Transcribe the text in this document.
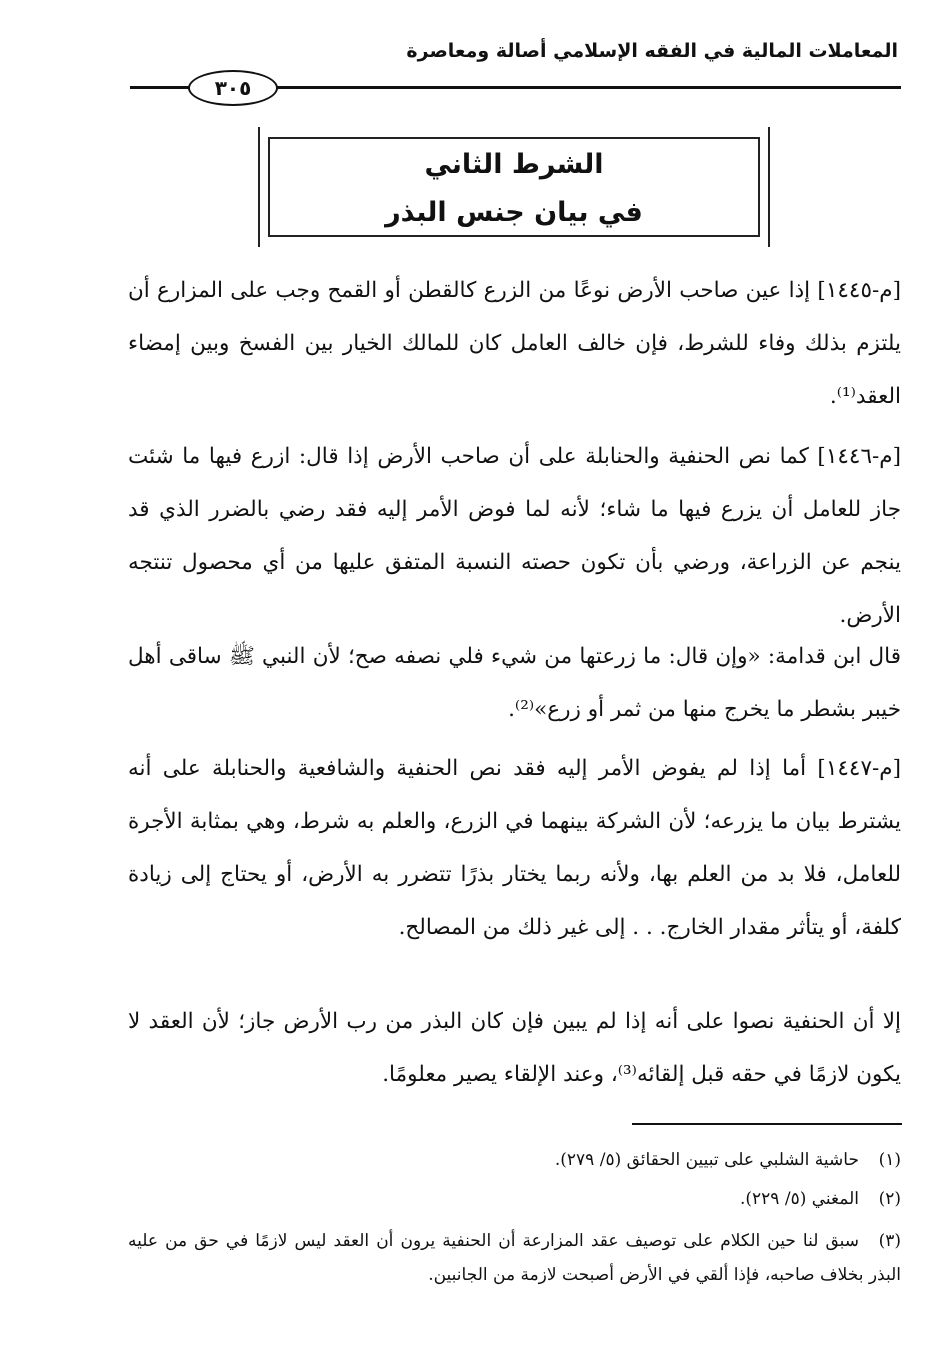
المعاملات المالية في الفقه الإسلامي أصالة ومعاصرة
٣٠٥
الشرط الثاني
في بيان جنس البذر
[م-١٤٤٥] إذا عين صاحب الأرض نوعًا من الزرع كالقطن أو القمح وجب على المزارع أن يلتزم بذلك وفاء للشرط، فإن خالف العامل كان للمالك الخيار بين الفسخ وبين إمضاء العقد⁽¹⁾.
[م-١٤٤٦] كما نص الحنفية والحنابلة على أن صاحب الأرض إذا قال: ازرع فيها ما شئت جاز للعامل أن يزرع فيها ما شاء؛ لأنه لما فوض الأمر إليه فقد رضي بالضرر الذي قد ينجم عن الزراعة، ورضي بأن تكون حصته النسبة المتفق عليها من أي محصول تنتجه الأرض.
قال ابن قدامة: «وإن قال: ما زرعتها من شيء فلي نصفه صح؛ لأن النبي ﷺ ساقى أهل خيبر بشطر ما يخرج منها من ثمر أو زرع»⁽²⁾.
[م-١٤٤٧] أما إذا لم يفوض الأمر إليه فقد نص الحنفية والشافعية والحنابلة على أنه يشترط بيان ما يزرعه؛ لأن الشركة بينهما في الزرع، والعلم به شرط، وهي بمثابة الأجرة للعامل، فلا بد من العلم بها، ولأنه ربما يختار بذرًا تتضرر به الأرض، أو يحتاج إلى زيادة كلفة، أو يتأثر مقدار الخارج. . . إلى غير ذلك من المصالح.
إلا أن الحنفية نصوا على أنه إذا لم يبين فإن كان البذر من رب الأرض جاز؛ لأن العقد لا يكون لازمًا في حقه قبل إلقائه⁽³⁾، وعند الإلقاء يصير معلومًا.
(١)حاشية الشلبي على تبيين الحقائق (٥/ ٢٧٩).
(٢)المغني (٥/ ٢٢٩).
(٣)سبق لنا حين الكلام على توصيف عقد المزارعة أن الحنفية يرون أن العقد ليس لازمًا في حق من عليه البذر بخلاف صاحبه، فإذا ألقي في الأرض أصبحت لازمة من الجانبين.
